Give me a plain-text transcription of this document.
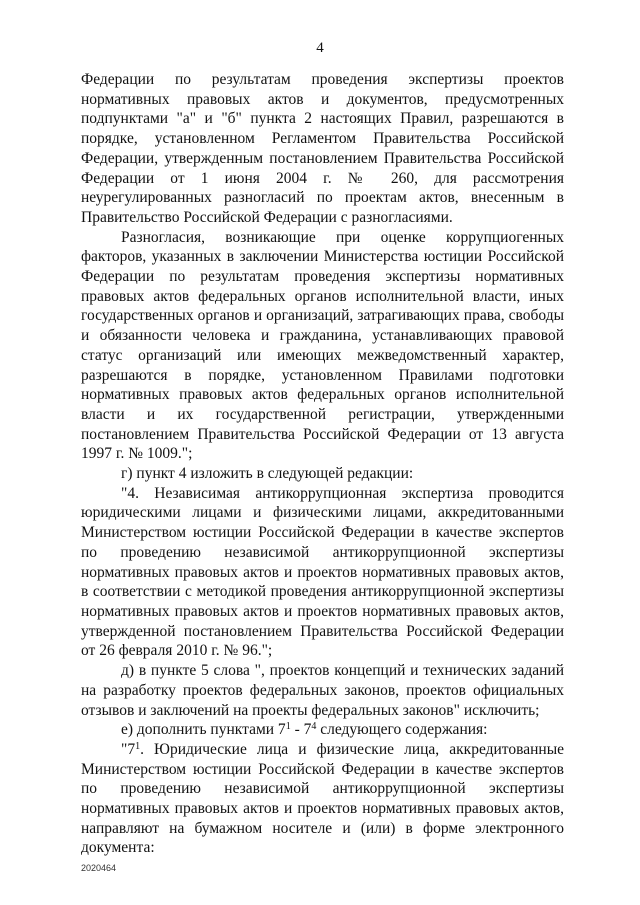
4

Федерации по результатам проведения экспертизы проектов нормативных правовых актов и документов, предусмотренных подпунктами "а" и "б" пункта 2 настоящих Правил, разрешаются в порядке, установленном Регламентом Правительства Российской Федерации, утвержденным постановлением Правительства Российской Федерации от 1 июня 2004 г. № 260, для рассмотрения неурегулированных разногласий по проектам актов, внесенным в Правительство Российской Федерации с разногласиями.

Разногласия, возникающие при оценке коррупциогенных факторов, указанных в заключении Министерства юстиции Российской Федерации по результатам проведения экспертизы нормативных правовых актов федеральных органов исполнительной власти, иных государственных органов и организаций, затрагивающих права, свободы и обязанности человека и гражданина, устанавливающих правовой статус организаций или имеющих межведомственный характер, разрешаются в порядке, установленном Правилами подготовки нормативных правовых актов федеральных органов исполнительной власти и их государственной регистрации, утвержденными постановлением Правительства Российской Федерации от 13 августа 1997 г. № 1009.";

г) пункт 4 изложить в следующей редакции:

"4. Независимая антикоррупционная экспертиза проводится юридическими лицами и физическими лицами, аккредитованными Министерством юстиции Российской Федерации в качестве экспертов по проведению независимой антикоррупционной экспертизы нормативных правовых актов и проектов нормативных правовых актов, в соответствии с методикой проведения антикоррупционной экспертизы нормативных правовых актов и проектов нормативных правовых актов, утвержденной постановлением Правительства Российской Федерации от 26 февраля 2010 г. № 96.";

д) в пункте 5 слова ", проектов концепций и технических заданий на разработку проектов федеральных законов, проектов официальных отзывов и заключений на проекты федеральных законов" исключить;

е) дополнить пунктами $7^1 - 7^4$ следующего содержания:

"$7^1$. Юридические лица и физические лица, аккредитованные Министерством юстиции Российской Федерации в качестве экспертов по проведению независимой антикоррупционной экспертизы нормативных правовых актов и проектов нормативных правовых актов, направляют на бумажном носителе и (или) в форме электронного документа:

2020464
